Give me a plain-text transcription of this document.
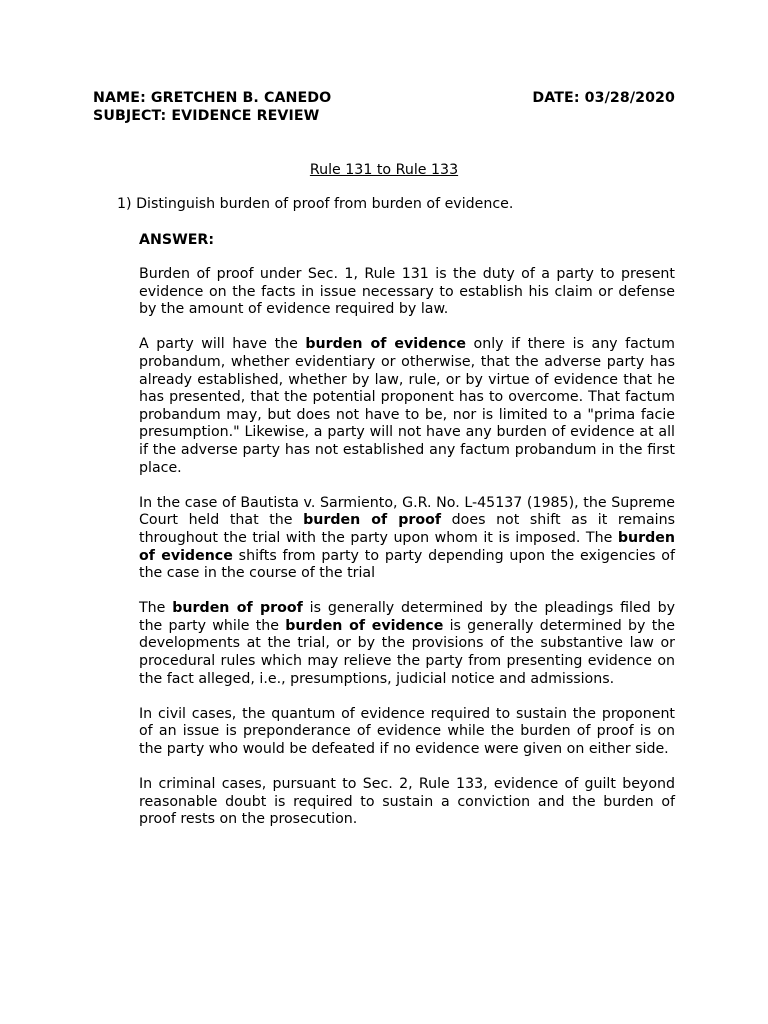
NAME: GRETCHEN B. CANEDO	DATE: 03/28/2020
SUBJECT: EVIDENCE REVIEW
Rule 131 to Rule 133
1) Distinguish burden of proof from burden of evidence.
ANSWER:

Burden of proof under Sec. 1, Rule 131 is the duty of a party to present evidence on the facts in issue necessary to establish his claim or defense by the amount of evidence required by law.

A party will have the burden of evidence only if there is any factum probandum, whether evidentiary or otherwise, that the adverse party has already established, whether by law, rule, or by virtue of evidence that he has presented, that the potential proponent has to overcome. That factum probandum may, but does not have to be, nor is limited to a "prima facie presumption." Likewise, a party will not have any burden of evidence at all if the adverse party has not established any factum probandum in the first place.

In the case of Bautista v. Sarmiento, G.R. No. L-45137 (1985), the Supreme Court held that the burden of proof does not shift as it remains throughout the trial with the party upon whom it is imposed. The burden of evidence shifts from party to party depending upon the exigencies of the case in the course of the trial

The burden of proof is generally determined by the pleadings filed by the party while the burden of evidence is generally determined by the developments at the trial, or by the provisions of the substantive law or procedural rules which may relieve the party from presenting evidence on the fact alleged, i.e., presumptions, judicial notice and admissions.

In civil cases, the quantum of evidence required to sustain the proponent of an issue is preponderance of evidence while the burden of proof is on the party who would be defeated if no evidence were given on either side.

In criminal cases, pursuant to Sec. 2, Rule 133, evidence of guilt beyond reasonable doubt is required to sustain a conviction and the burden of proof rests on the prosecution.
